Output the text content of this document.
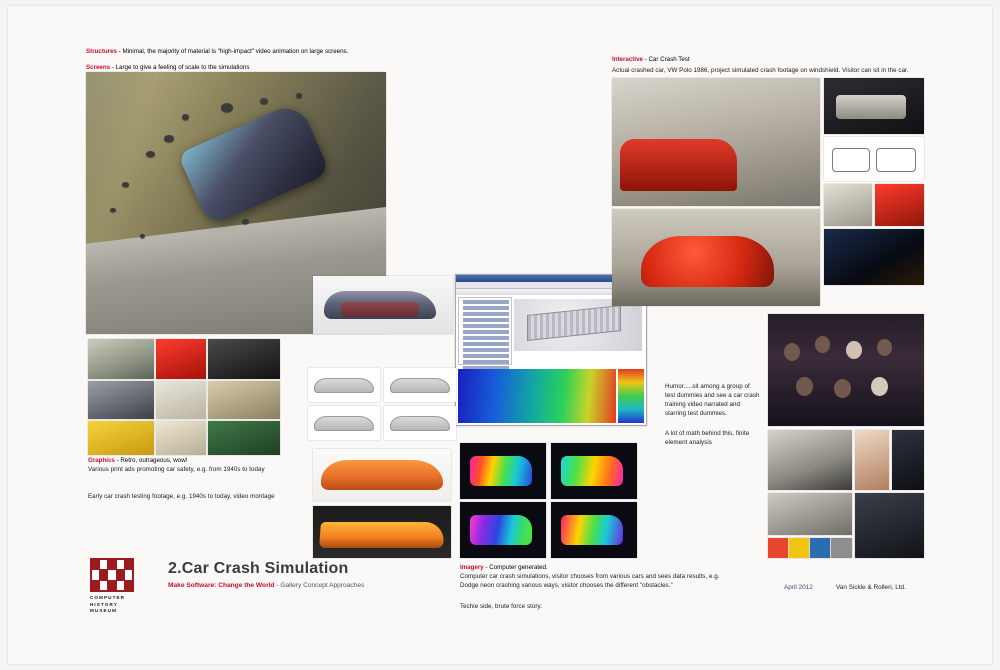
Structures - Minimal, the majority of material is "high-impact" video animation on large screens.
Screens - Large to give a feeling of scale to the simulations
Interactive - Car Crash Test
Actual crashed car, VW Polo 1986, project simulated crash footage on windshield. Visitor can sit in the car.
Graphics - Retro, outrageous, wow!
Various print ads promoting car safety, e.g. from 1940s to today
Early car crash testing footage, e.g. 1940s to today, video montage
Humor.....sit among a group of test dummies and see a car crash training video narrated and starring test dummies.
A lot of math behind this, finite element analysis
Imagery - Computer generated.
Computer car crash simulations, visitor chooses from various cars and sees data results, e.g. Dodge neon crashing various ways, visitor chooses the different "obstacles."
Techie side, brute force story.
COMPUTER
HISTORY
MUSEUM
2.Car Crash Simulation
Make Software: Change the World - Gallery Concept Approaches	April 2012	Van Sickle & Rolleri, Ltd.
